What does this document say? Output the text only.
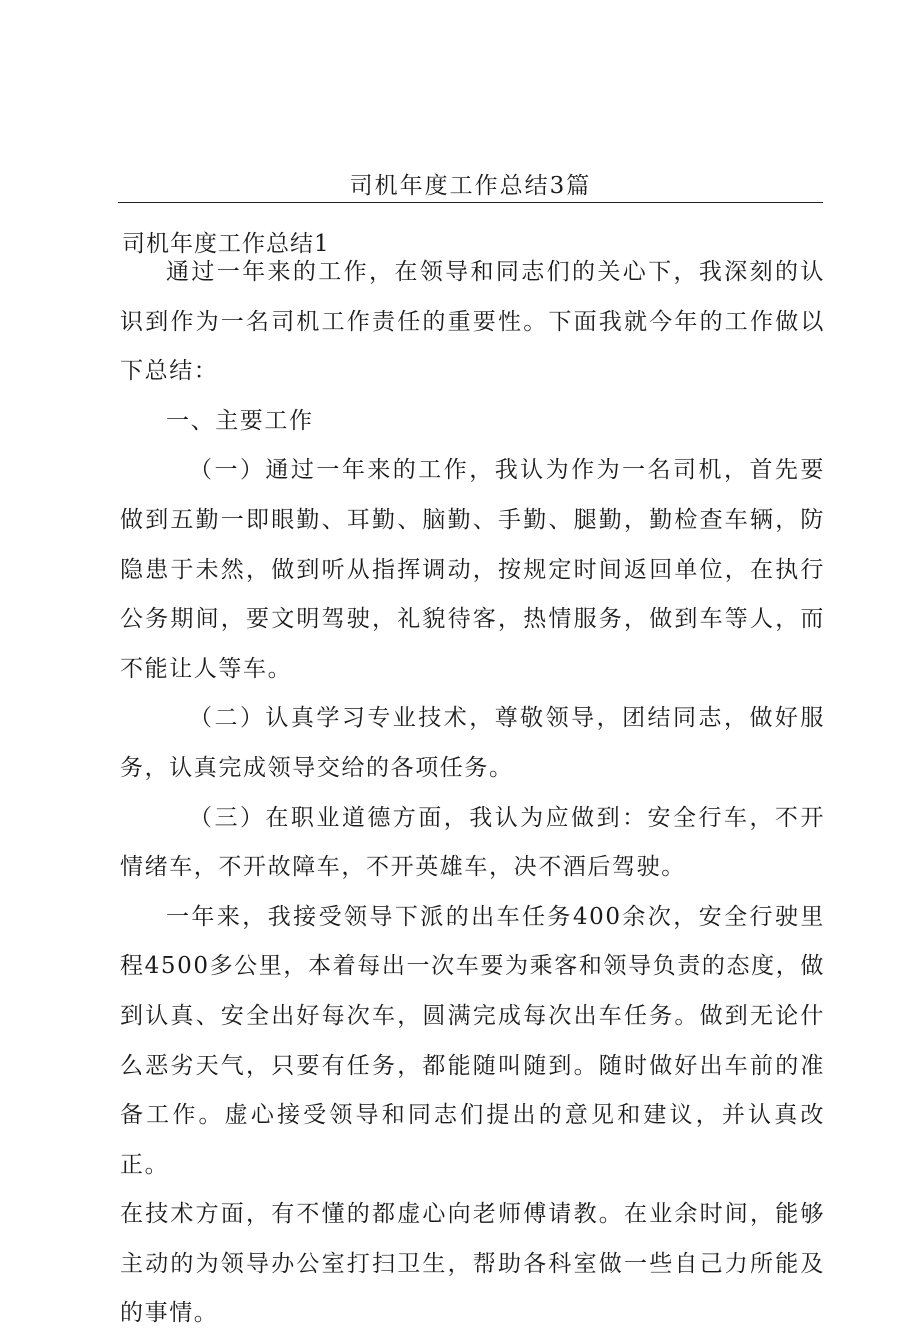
司机年度工作总结3篇
司机年度工作总结1

通过一年来的工作，在领导和同志们的关心下，我深刻的认识到作为一名司机工作责任的重要性。下面我就今年的工作做以下总结：

一、主要工作

（一）通过一年来的工作，我认为作为一名司机，首先要做到五勤一即眼勤、耳勤、脑勤、手勤、腿勤，勤检查车辆，防隐患于未然，做到听从指挥调动，按规定时间返回单位，在执行公务期间，要文明驾驶，礼貌待客，热情服务，做到车等人，而不能让人等车。

（二）认真学习专业技术，尊敬领导，团结同志，做好服务，认真完成领导交给的各项任务。

（三）在职业道德方面，我认为应做到：安全行车，不开情绪车，不开故障车，不开英雄车，决不酒后驾驶。

一年来，我接受领导下派的出车任务400余次，安全行驶里程4500多公里，本着每出一次车要为乘客和领导负责的态度，做到认真、安全出好每次车，圆满完成每次出车任务。做到无论什么恶劣天气，只要有任务，都能随叫随到。随时做好出车前的准备工作。虚心接受领导和同志们提出的意见和建议，并认真改正。

在技术方面，有不懂的都虚心向老师傅请教。在业余时间，能够主动的为领导办公室打扫卫生，帮助各科室做一些自己力所能及的事情。
